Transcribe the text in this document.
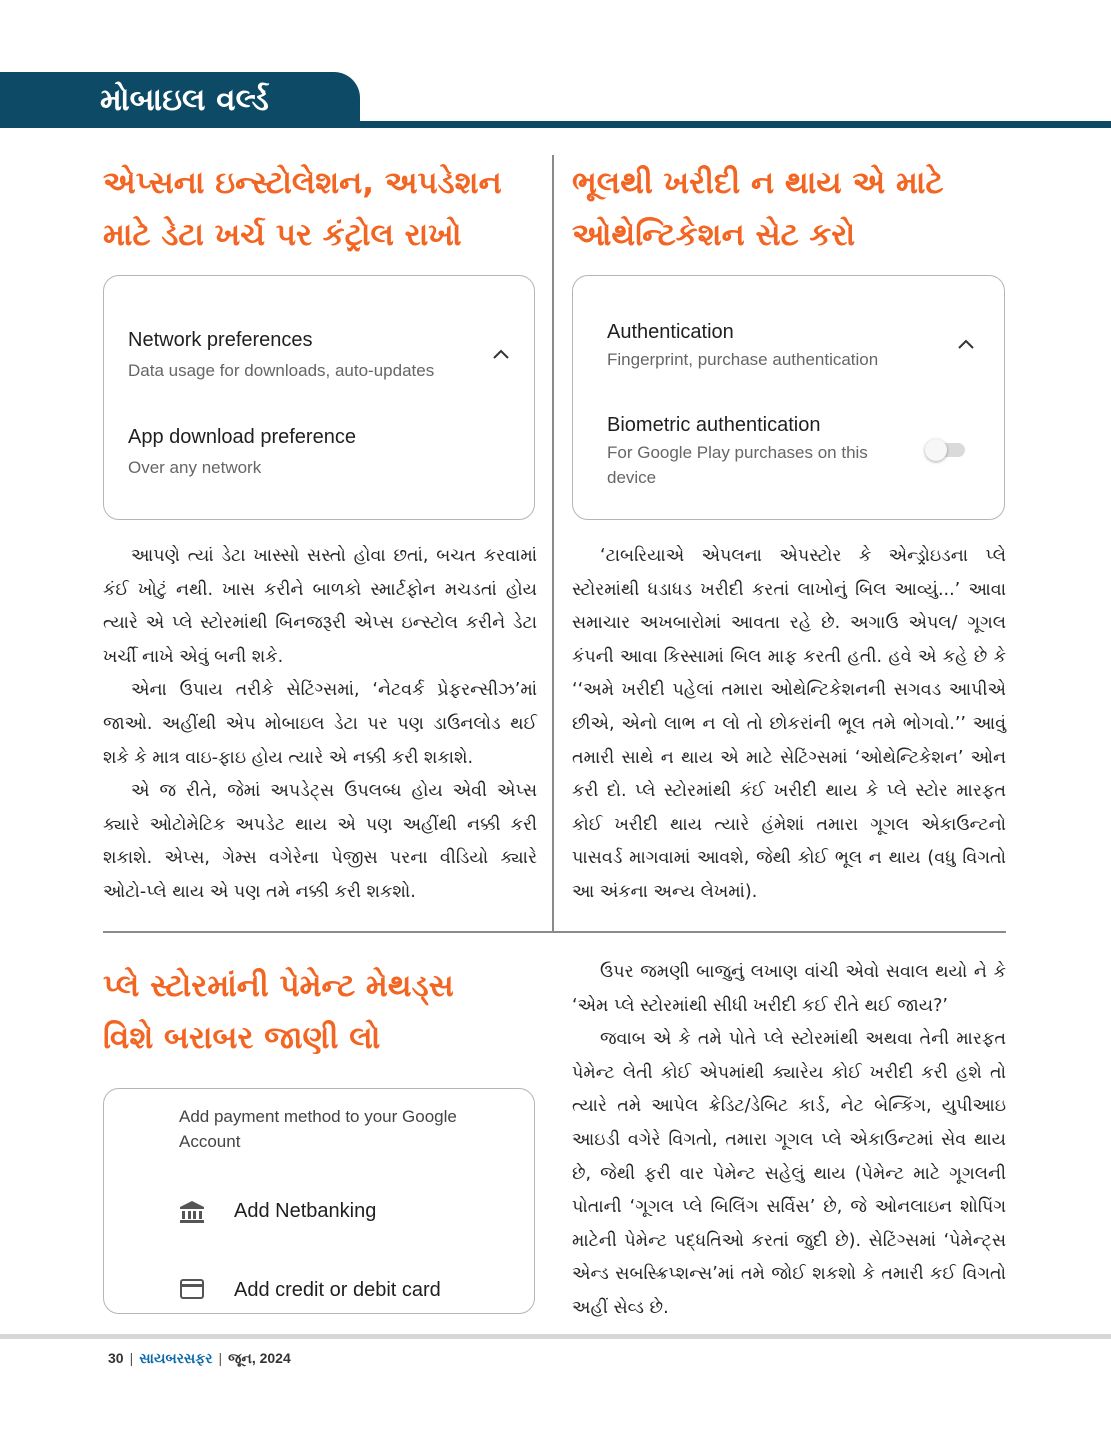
મોબાઇલ વર્લ્ડ
એપ્સના ઇન્સ્ટોલેશન, અપડેશન
માટે ડેટા ખર્ચ પર કંટ્રોલ રાખો
Network preferences
Data usage for downloads, auto-updates
App download preference
Over any network

આપણે ત્યાં ડેટા ખાસ્સો સસ્તો હોવા છતાં, બચત કરવામાં કંઈ ખોટું નથી. ખાસ કરીને બાળકો સ્માર્ટફોન મચડતાં હોય ત્યારે એ પ્લે સ્ટોરમાંથી બિનજરૂરી એપ્સ ઇન્સ્ટોલ કરીને ડેટા ખર્ચી નાખે એવું બની શકે.

એના ઉપાય તરીકે સેટિંગ્સમાં, ‘નેટવર્ક પ્રેફરન્સીઝ’માં જાઓ. અહીંથી એપ મોબાઇલ ડેટા પર પણ ડાઉનલોડ થઈ શકે કે માત્ર વાઇ-ફાઇ હોય ત્યારે એ નક્કી કરી શકાશે.

એ જ રીતે, જેમાં અપડેટ્સ ઉપલબ્ધ હોય એવી એપ્સ ક્યારે ઓટોમેટિક અપડેટ થાય એ પણ અહીંથી નક્કી કરી શકાશે. એપ્સ, ગેમ્સ વગેરેના પેજીસ પરના વીડિયો ક્યારે ઓટો-પ્લે થાય એ પણ તમે નક્કી કરી શકશો.

ભૂલથી ખરીદી ન થાય એ માટે
ઓથેન્ટિકેશન સેટ કરો
Authentication
Fingerprint, purchase authentication
Biometric authentication
For Google Play purchases on this device

‘ટાબરિયાએ એપલના એપસ્ટોર કે એન્ડ્રોઇડના પ્લે સ્ટોરમાંથી ધડાધડ ખરીદી કરતાં લાખોનું બિલ આવ્યું...’ આવા સમાચાર અખબારોમાં આવતા રહે છે. અગાઉ એપલ/ ગૂગલ કંપની આવા કિસ્સામાં બિલ માફ કરતી હતી. હવે એ કહે છે કે ‘‘અમે ખરીદી પહેલાં તમારા ઓથેન્ટિકેશનની સગવડ આપીએ છીએ, એનો લાભ ન લો તો છોકરાંની ભૂલ તમે ભોગવો.’’ આવું તમારી સાથે ન થાય એ માટે સેટિંગ્સમાં ‘ઓથેન્ટિકેશન’ ઓન કરી દો. પ્લે સ્ટોરમાંથી કંઈ ખરીદી થાય કે પ્લે સ્ટોર મારફત કોઈ ખરીદી થાય ત્યારે હંમેશાં તમારા ગૂગલ એકાઉન્ટનો પાસવર્ડ માગવામાં આવશે, જેથી કોઈ ભૂલ ન થાય (વધુ વિગતો આ અંકના અન્ય લેખમાં).

પ્લે સ્ટોરમાંની પેમેન્ટ મેથડ્સ
વિશે બરાબર જાણી લો
Add payment method to your Google Account
Add Netbanking
Add credit or debit card

ઉપર જમણી બાજુનું લખાણ વાંચી એવો સવાલ થયો ને કે ‘એમ પ્લે સ્ટોરમાંથી સીધી ખરીદી કઈ રીતે થઈ જાય?’

જવાબ એ કે તમે પોતે પ્લે સ્ટોરમાંથી અથવા તેની મારફત પેમેન્ટ લેતી કોઈ એપમાંથી ક્યારેય કોઈ ખરીદી કરી હશે તો ત્યારે તમે આપેલ ક્રેડિટ/ડેબિટ કાર્ડ, નેટ બેન્કિંગ, યુપીઆઇ આઇડી વગેરે વિગતો, તમારા ગૂગલ પ્લે એકાઉન્ટમાં સેવ થાય છે, જેથી ફરી વાર પેમેન્ટ સહેલું થાય (પેમેન્ટ માટે ગૂગલની પોતાની ‘ગૂગલ પ્લે બિલિંગ સર્વિસ’ છે, જે ઓનલાઇન શોપિંગ માટેની પેમેન્ટ પદ્ધતિઓ કરતાં જુદી છે). સેટિંગ્સમાં ‘પેમેન્ટ્સ એન્ડ સબસ્ક્રિપ્શન્સ’માં તમે જોઈ શકશો કે તમારી કઈ વિગતો અહીં સેવ્ડ છે.

30 | સાયબરસફર | જૂન, 2024
